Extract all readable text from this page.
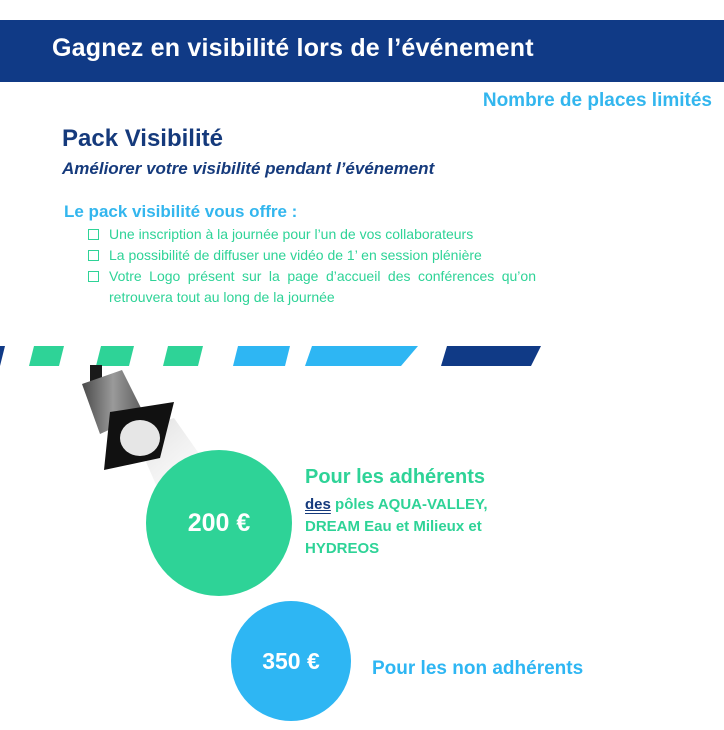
Gagnez en visibilité lors de l’événement
Nombre de places limités
Pack Visibilité
Améliorer votre visibilité pendant l’événement
Le pack visibilité vous offre :
Une inscription à la journée pour l’un de vos collaborateurs
La possibilité de diffuser une vidéo de 1’ en session plénière
Votre Logo présent sur la page d’accueil des conférences qu’on retrouvera tout au long de la journée
200 €
Pour les adhérents
des pôles AQUA-VALLEY, DREAM Eau et Milieux et HYDREOS
350 €	Pour les non adhérents
